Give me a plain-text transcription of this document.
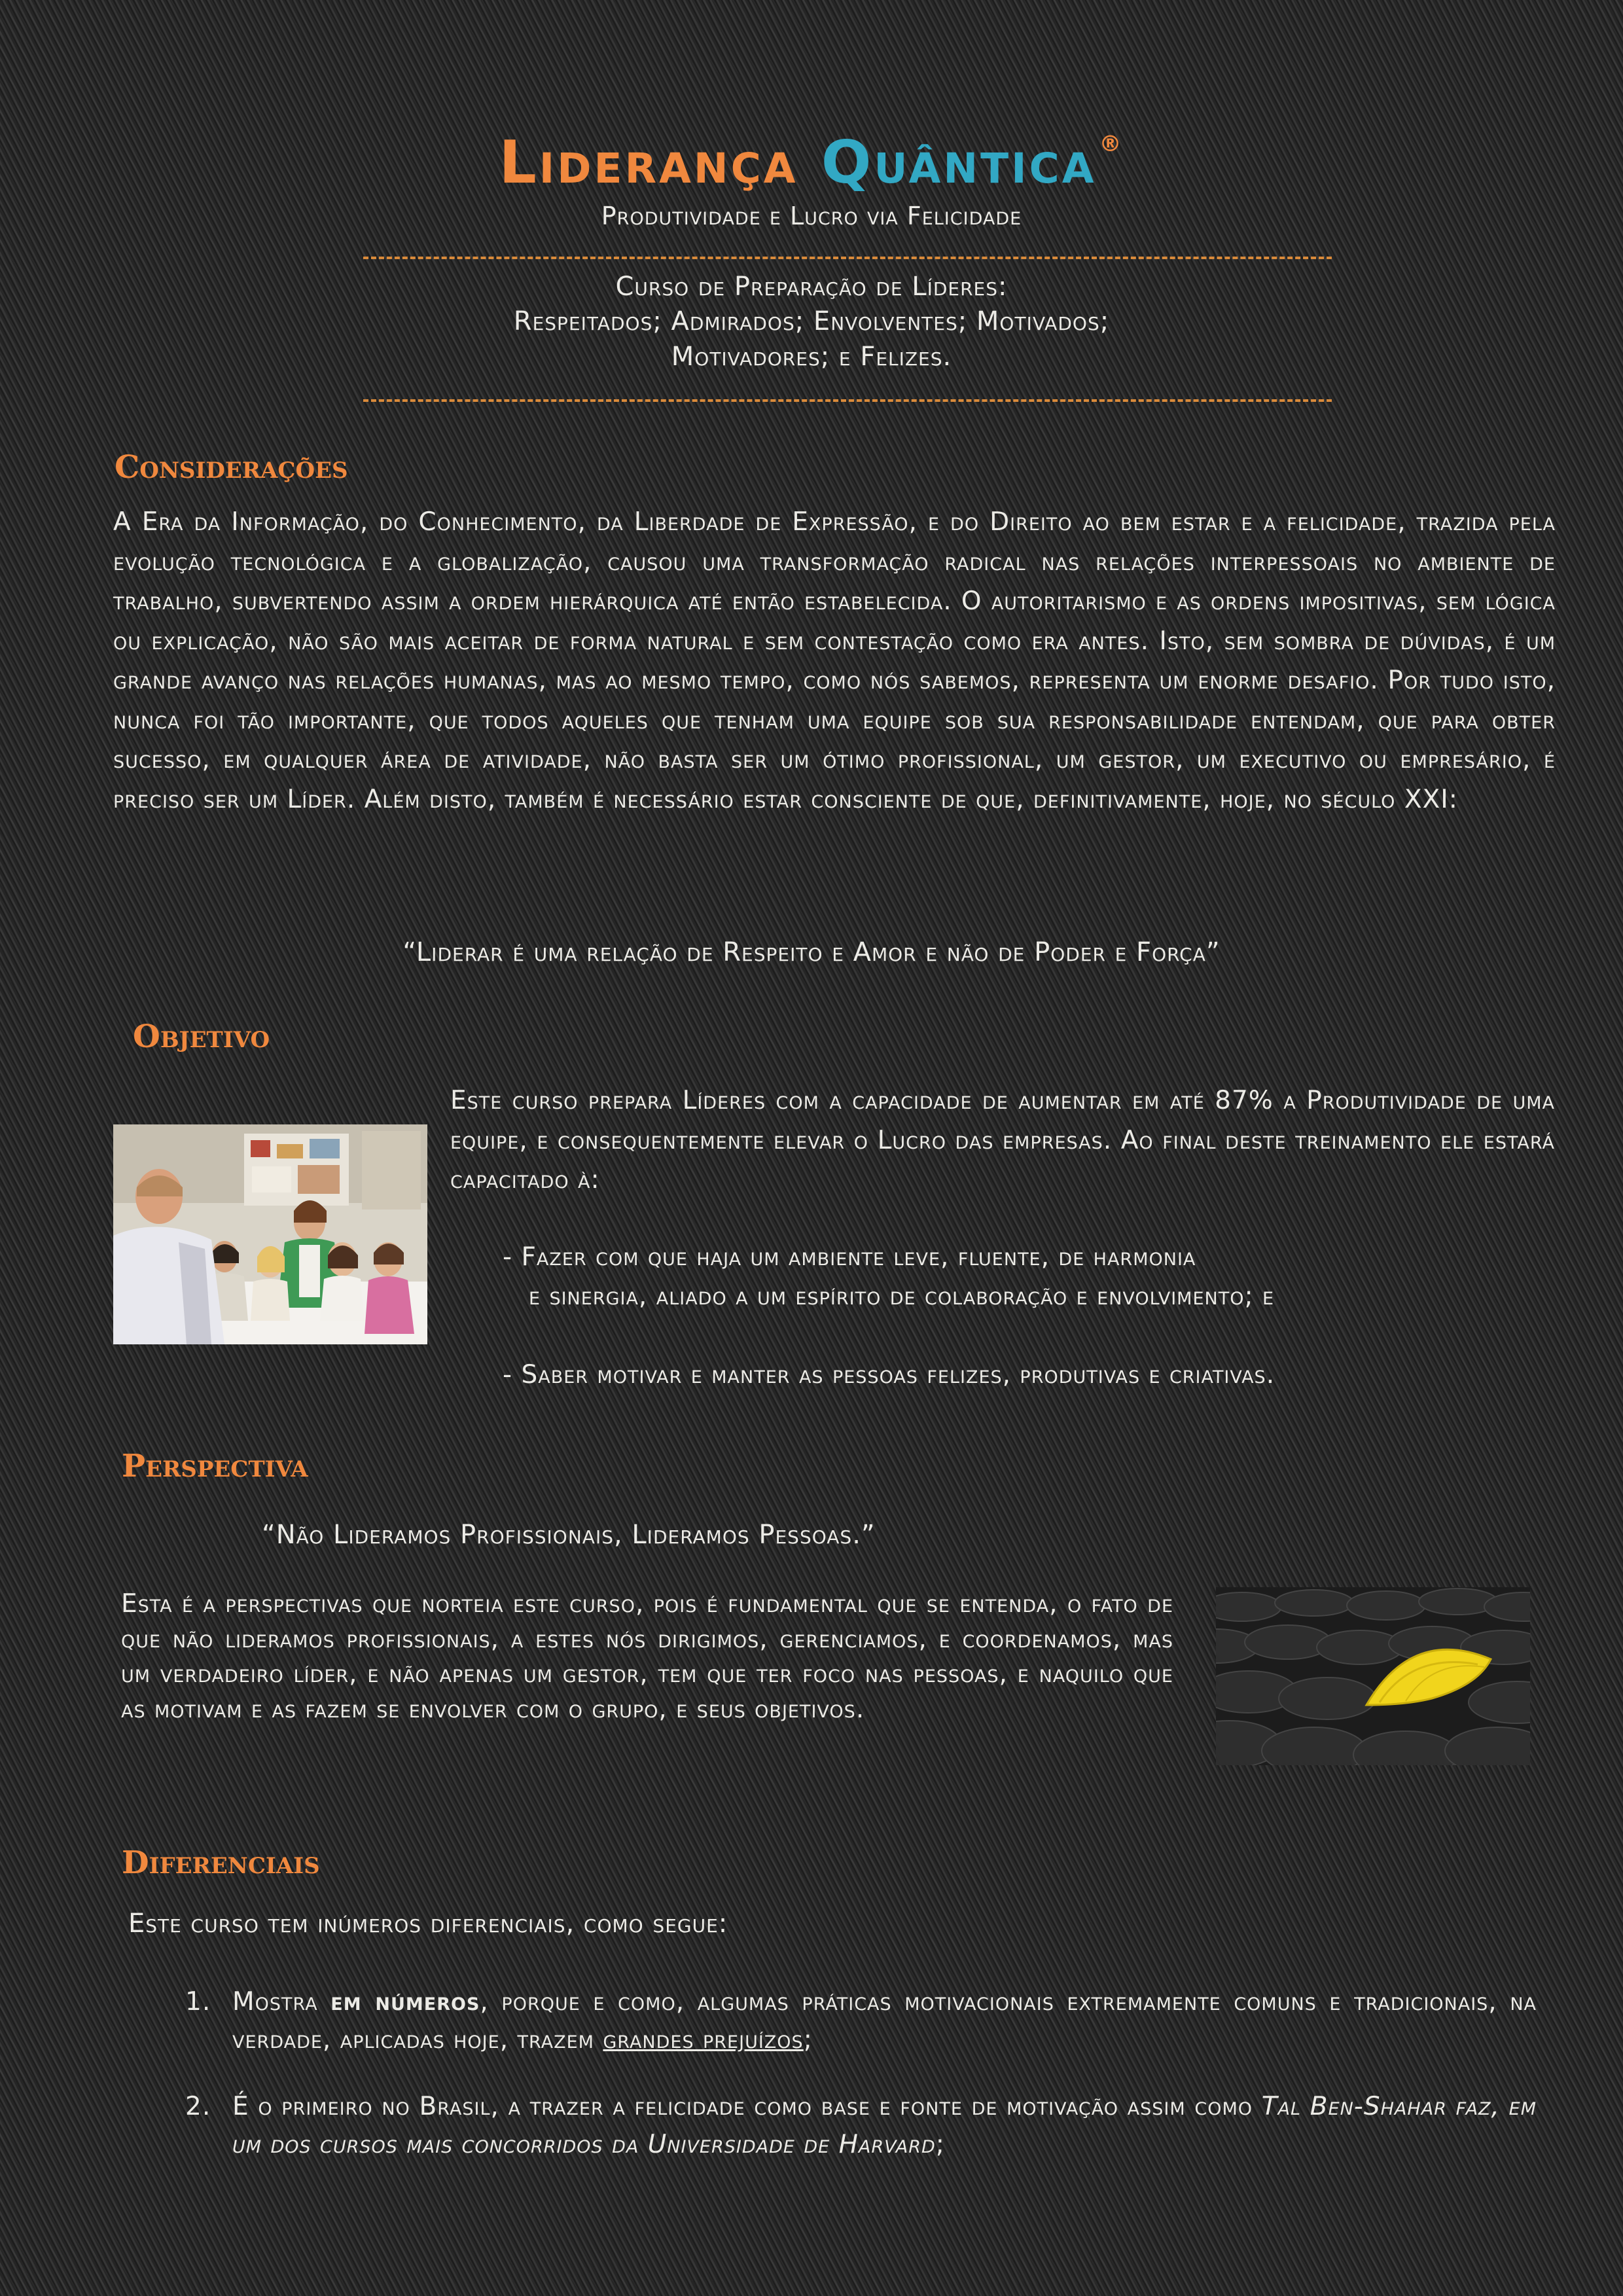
Liderança Quântica ®
Produtividade e Lucro via Felicidade
Curso de Preparação de Líderes:
Respeitados; Admirados; Envolventes; Motivados;
Motivadores; e Felizes.
Considerações
A Era da Informação, do Conhecimento, da Liberdade de Expressão, e do Direito ao bem estar e a felicidade, trazida pela evolução tecnológica e a globalização, causou uma transformação radical nas relações interpessoais no ambiente de trabalho, subvertendo assim a ordem hierárquica até então estabelecida. O autoritarismo e as ordens impositivas, sem lógica ou explicação, não são mais aceitar de forma natural e sem contestação como era antes. Isto, sem sombra de dúvidas, é um grande avanço nas relações humanas, mas ao mesmo tempo, como nós sabemos, representa um enorme desafio. Por tudo isto, nunca foi tão importante, que todos aqueles que tenham uma equipe sob sua responsabilidade entendam, que para obter sucesso, em qualquer área de atividade, não basta ser um ótimo profissional, um gestor, um executivo ou empresário, é preciso ser um Líder. Além disto, também é necessário estar consciente de que, definitivamente, hoje, no século XXI:
“Liderar é uma relação de Respeito e Amor e não de Poder e Força”
Objetivo
Este curso prepara Líderes com a capacidade de aumentar em até 87% a Produtividade de uma equipe, e consequentemente elevar o Lucro das empresas. Ao final deste treinamento ele estará capacitado à:
- Fazer com que haja um ambiente leve, fluente, de harmonia
e sinergia, aliado a um espírito de colaboração e envolvimento; e
- Saber motivar e manter as pessoas felizes, produtivas e criativas.
Perspectiva
“Não Lideramos Profissionais, Lideramos Pessoas.”
Esta é a perspectivas que norteia este curso, pois é fundamental que se entenda, o fato de que não lideramos profissionais, a estes nós dirigimos, gerenciamos, e coordenamos, mas um verdadeiro líder, e não apenas um gestor, tem que ter foco nas pessoas, e naquilo que as motivam e as fazem se envolver com o grupo, e seus objetivos.
Diferenciais
Este curso tem inúmeros diferenciais, como segue:
1. Mostra em números, porque e como, algumas práticas motivacionais extremamente comuns e tradicionais, na verdade, aplicadas hoje, trazem grandes prejuízos;
2. É o primeiro no Brasil, a trazer a felicidade como base e fonte de motivação assim como Tal Ben-Shahar faz, em um dos cursos mais concorridos da Universidade de Harvard;
